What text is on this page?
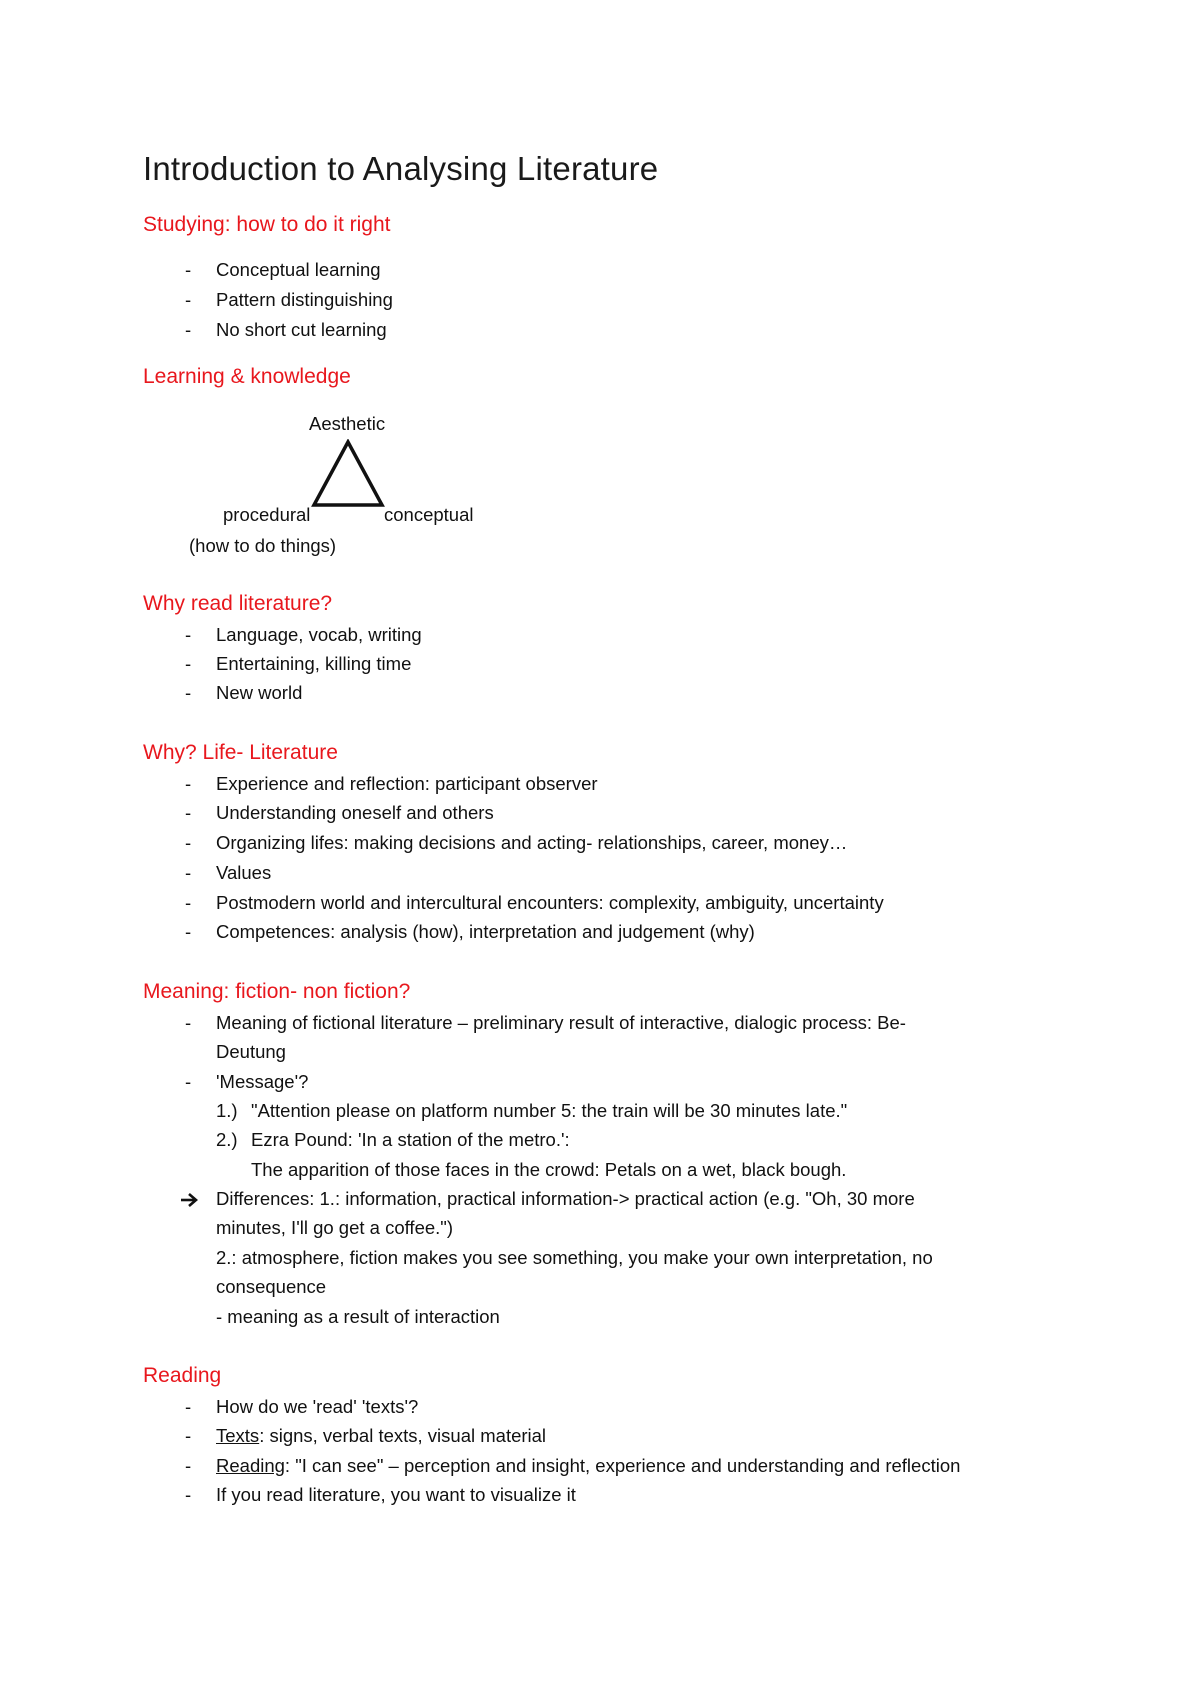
Introduction to Analysing Literature
Studying: how to do it right
- Conceptual learning
- Pattern distinguishing
- No short cut learning
Learning & knowledge
Aesthetic
procedural	conceptual
(how to do things)
Why read literature?
- Language, vocab, writing
- Entertaining, killing time
- New world
Why? Life- Literature
- Experience and reflection: participant observer
- Understanding oneself and others
- Organizing lifes: making decisions and acting- relationships, career, money…
- Values
- Postmodern world and intercultural encounters: complexity, ambiguity, uncertainty
- Competences: analysis (how), interpretation and judgement (why)
Meaning: fiction- non fiction?
- Meaning of fictional literature – preliminary result of interactive, dialogic process: Be-
Deutung
- 'Message'?
1.) "Attention please on platform number 5: the train will be 30 minutes late."
2.) Ezra Pound: 'In a station of the metro.':
The apparition of those faces in the crowd: Petals on a wet, black bough.
Differences: 1.: information, practical information-> practical action (e.g. "Oh, 30 more
minutes, I'll go get a coffee.")
2.: atmosphere, fiction makes you see something, you make your own interpretation, no
consequence
- meaning as a result of interaction
Reading
- How do we 'read' 'texts'?
- Texts: signs, verbal texts, visual material
- Reading: "I can see" – perception and insight, experience and understanding and reflection
- If you read literature, you want to visualize it
